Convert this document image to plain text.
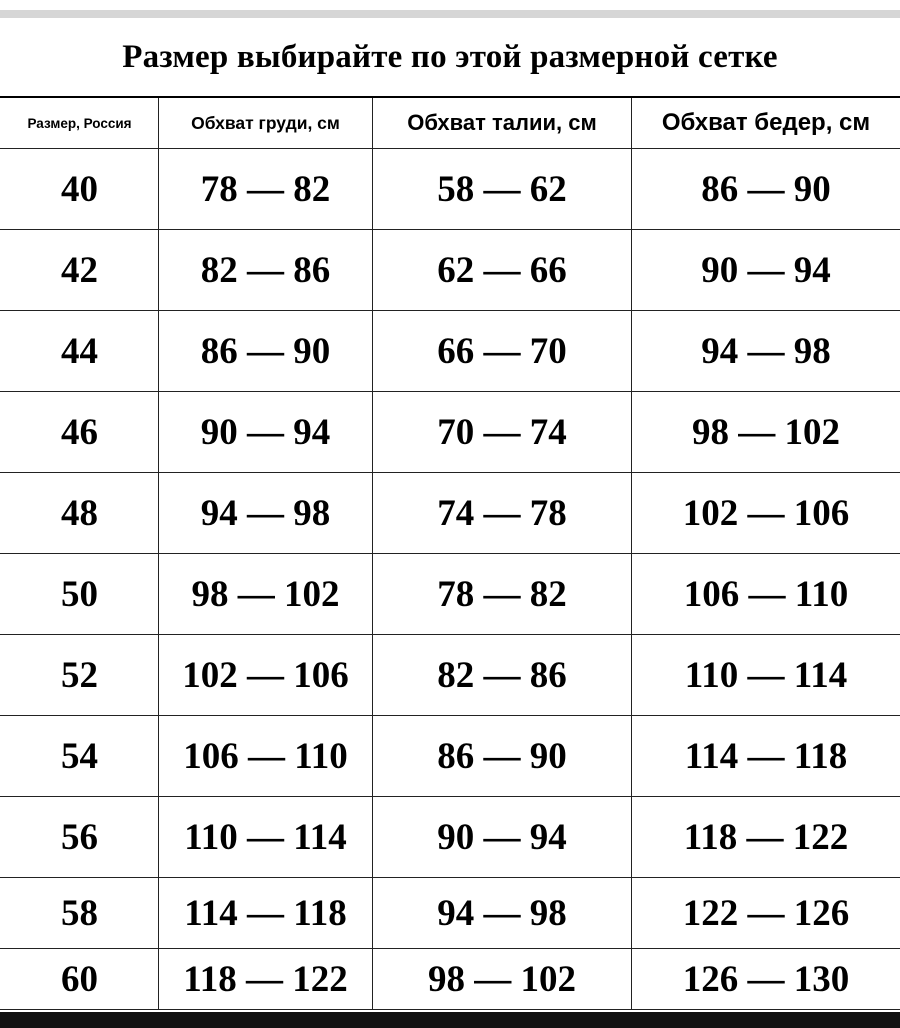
Размер выбирайте по этой размерной сетке
Размер, Россия	Обхват груди, см	Обхват талии, см	Обхват бедер, см
40	78 — 82	58 — 62	86 — 90
42	82 — 86	62 — 66	90 — 94
44	86 — 90	66 — 70	94 — 98
46	90 — 94	70 — 74	98 — 102
48	94 — 98	74 — 78	102 — 106
50	98 — 102	78 — 82	106 — 110
52	102 — 106	82 — 86	110 — 114
54	106 — 110	86 — 90	114 — 118
56	110 — 114	90 — 94	118 — 122
58	114 — 118	94 — 98	122 — 126
60	118 — 122	98 — 102	126 — 130
